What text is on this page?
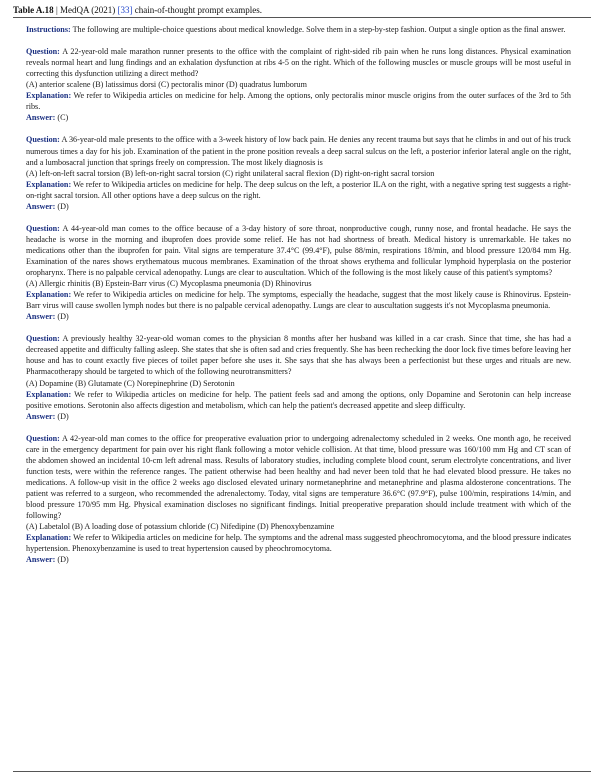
Table A.18 | MedQA (2021) [33] chain-of-thought prompt examples.

Instructions: The following are multiple-choice questions about medical knowledge. Solve them in a step-by-step fashion. Output a single option as the final answer.

Question: A 22-year-old male marathon runner presents to the office with the complaint of right-sided rib pain when he runs long distances. Physical examination reveals normal heart and lung findings and an exhalation dysfunction at ribs 4-5 on the right. Which of the following muscles or muscle groups will be most useful in correcting this dysfunction utilizing a direct method?

(A) anterior scalene (B) latissimus dorsi (C) pectoralis minor (D) quadratus lumborum

Explanation: We refer to Wikipedia articles on medicine for help. Among the options, only pectoralis minor muscle origins from the outer surfaces of the 3rd to 5th ribs.

Answer: (C)

Question: A 36-year-old male presents to the office with a 3-week history of low back pain. He denies any recent trauma but says that he climbs in and out of his truck numerous times a day for his job. Examination of the patient in the prone position reveals a deep sacral sulcus on the left, a posterior inferior lateral angle on the right, and a lumbosacral junction that springs freely on compression. The most likely diagnosis is

(A) left-on-left sacral torsion (B) left-on-right sacral torsion (C) right unilateral sacral flexion (D) right-on-right sacral torsion

Explanation: We refer to Wikipedia articles on medicine for help. The deep sulcus on the left, a posterior ILA on the right, with a negative spring test suggests a right-on-right sacral torsion. All other options have a deep sulcus on the right.

Answer: (D)

Question: A 44-year-old man comes to the office because of a 3-day history of sore throat, nonproductive cough, runny nose, and frontal headache. He says the headache is worse in the morning and ibuprofen does provide some relief. He has not had shortness of breath. Medical history is unremarkable. He takes no medications other than the ibuprofen for pain. Vital signs are temperature 37.4°C (99.4°F), pulse 88/min, respirations 18/min, and blood pressure 120/84 mm Hg. Examination of the nares shows erythematous mucous membranes. Examination of the throat shows erythema and follicular lymphoid hyperplasia on the posterior oropharynx. There is no palpable cervical adenopathy. Lungs are clear to auscultation. Which of the following is the most likely cause of this patient's symptoms?

(A) Allergic rhinitis (B) Epstein-Barr virus (C) Mycoplasma pneumonia (D) Rhinovirus

Explanation: We refer to Wikipedia articles on medicine for help. The symptoms, especially the headache, suggest that the most likely cause is Rhinovirus. Epstein-Barr virus will cause swollen lymph nodes but there is no palpable cervical adenopathy. Lungs are clear to auscultation suggests it's not Mycoplasma pneumonia.

Answer: (D)

Question: A previously healthy 32-year-old woman comes to the physician 8 months after her husband was killed in a car crash. Since that time, she has had a decreased appetite and difficulty falling asleep. She states that she is often sad and cries frequently. She has been rechecking the door lock five times before leaving her house and has to count exactly five pieces of toilet paper before she uses it. She says that she has always been a perfectionist but these urges and rituals are new. Pharmacotherapy should be targeted to which of the following neurotransmitters?

(A) Dopamine (B) Glutamate (C) Norepinephrine (D) Serotonin

Explanation: We refer to Wikipedia articles on medicine for help. The patient feels sad and among the options, only Dopamine and Serotonin can help increase positive emotions. Serotonin also affects digestion and metabolism, which can help the patient's decreased appetite and sleep difficulty.

Answer: (D)

Question: A 42-year-old man comes to the office for preoperative evaluation prior to undergoing adrenalectomy scheduled in 2 weeks. One month ago, he received care in the emergency department for pain over his right flank following a motor vehicle collision. At that time, blood pressure was 160/100 mm Hg and CT scan of the abdomen showed an incidental 10-cm left adrenal mass. Results of laboratory studies, including complete blood count, serum electrolyte concentrations, and liver function tests, were within the reference ranges. The patient otherwise had been healthy and had never been told that he had elevated blood pressure. He takes no medications. A follow-up visit in the office 2 weeks ago disclosed elevated urinary normetanephrine and metanephrine and plasma aldosterone concentrations. The patient was referred to a surgeon, who recommended the adrenalectomy. Today, vital signs are temperature 36.6°C (97.9°F), pulse 100/min, respirations 14/min, and blood pressure 170/95 mm Hg. Physical examination discloses no significant findings. Initial preoperative preparation should include treatment with which of the following?

(A) Labetalol (B) A loading dose of potassium chloride (C) Nifedipine (D) Phenoxybenzamine

Explanation: We refer to Wikipedia articles on medicine for help. The symptoms and the adrenal mass suggested pheochromocytoma, and the blood pressure indicates hypertension. Phenoxybenzamine is used to treat hypertension caused by pheochromocytoma.

Answer: (D)
